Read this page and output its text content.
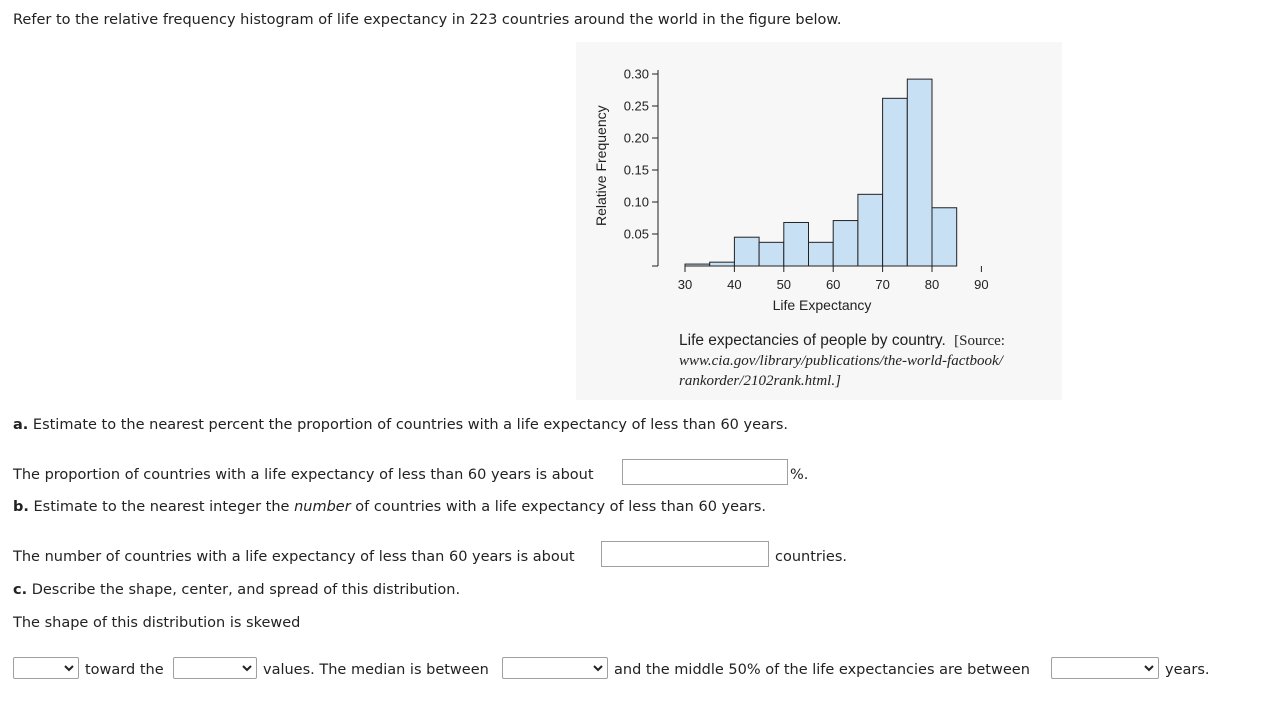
Refer to the relative frequency histogram of life expectancy in 223 countries around the world in the figure below.
0.05
0.10
0.15
0.20
0.25
0.30
30	40	50	60	70	80	90
Relative Frequency
Life Expectancy
Life expectancies of people by country. [Source:
www.cia.gov/library/publications/the-world-factbook/
rankorder/2102rank.html.]
a. Estimate to the nearest percent the proportion of countries with a life expectancy of less than 60 years.
The proportion of countries with a life expectancy of less than 60 years is about	%.
b. Estimate to the nearest integer the number of countries with a life expectancy of less than 60 years.
The number of countries with a life expectancy of less than 60 years is about	countries.
c. Describe the shape, center, and spread of this distribution.
The shape of this distribution is skewed
toward the	values. The median is between	and the middle 50% of the life expectancies are between	years.
